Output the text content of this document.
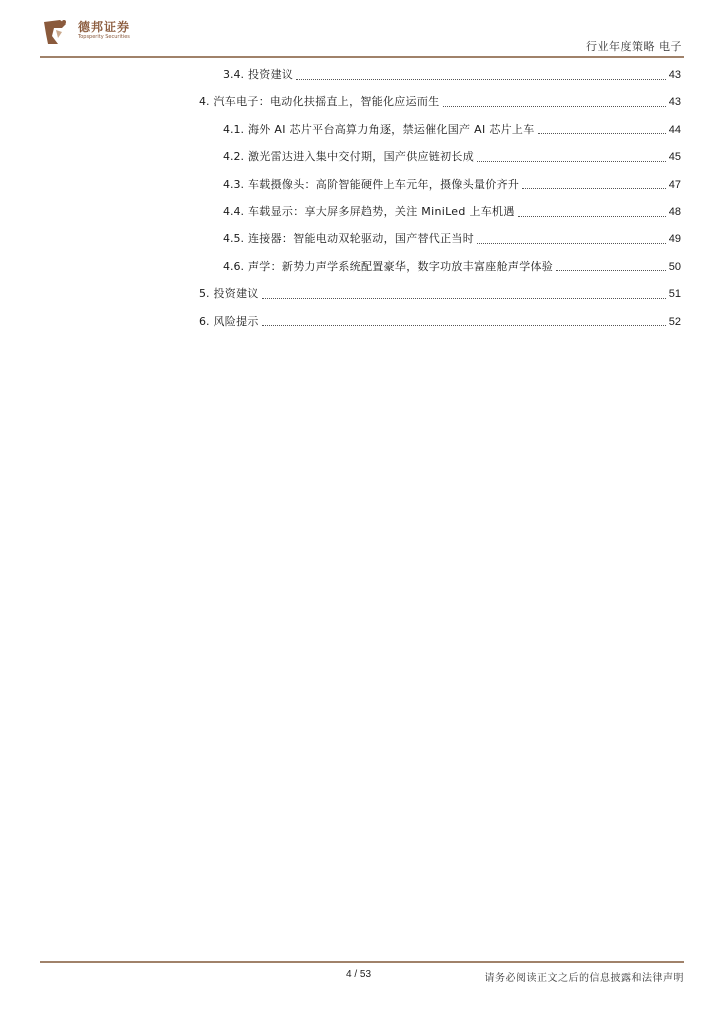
德邦证券
Topsperity Securities
行业年度策略 电子
3.4. 投资建议	43
4. 汽车电子：电动化扶摇直上，智能化应运而生	43
4.1. 海外 AI 芯片平台高算力角逐，禁运催化国产 AI 芯片上车	44
4.2. 激光雷达进入集中交付期，国产供应链初长成	45
4.3. 车载摄像头：高阶智能硬件上车元年，摄像头量价齐升	47
4.4. 车载显示：享大屏多屏趋势，关注 MiniLed 上车机遇	48
4.5. 连接器：智能电动双轮驱动，国产替代正当时	49
4.6. 声学：新势力声学系统配置豪华，数字功放丰富座舱声学体验	50
5. 投资建议	51
6. 风险提示	52
4 / 53	请务必阅读正文之后的信息披露和法律声明
